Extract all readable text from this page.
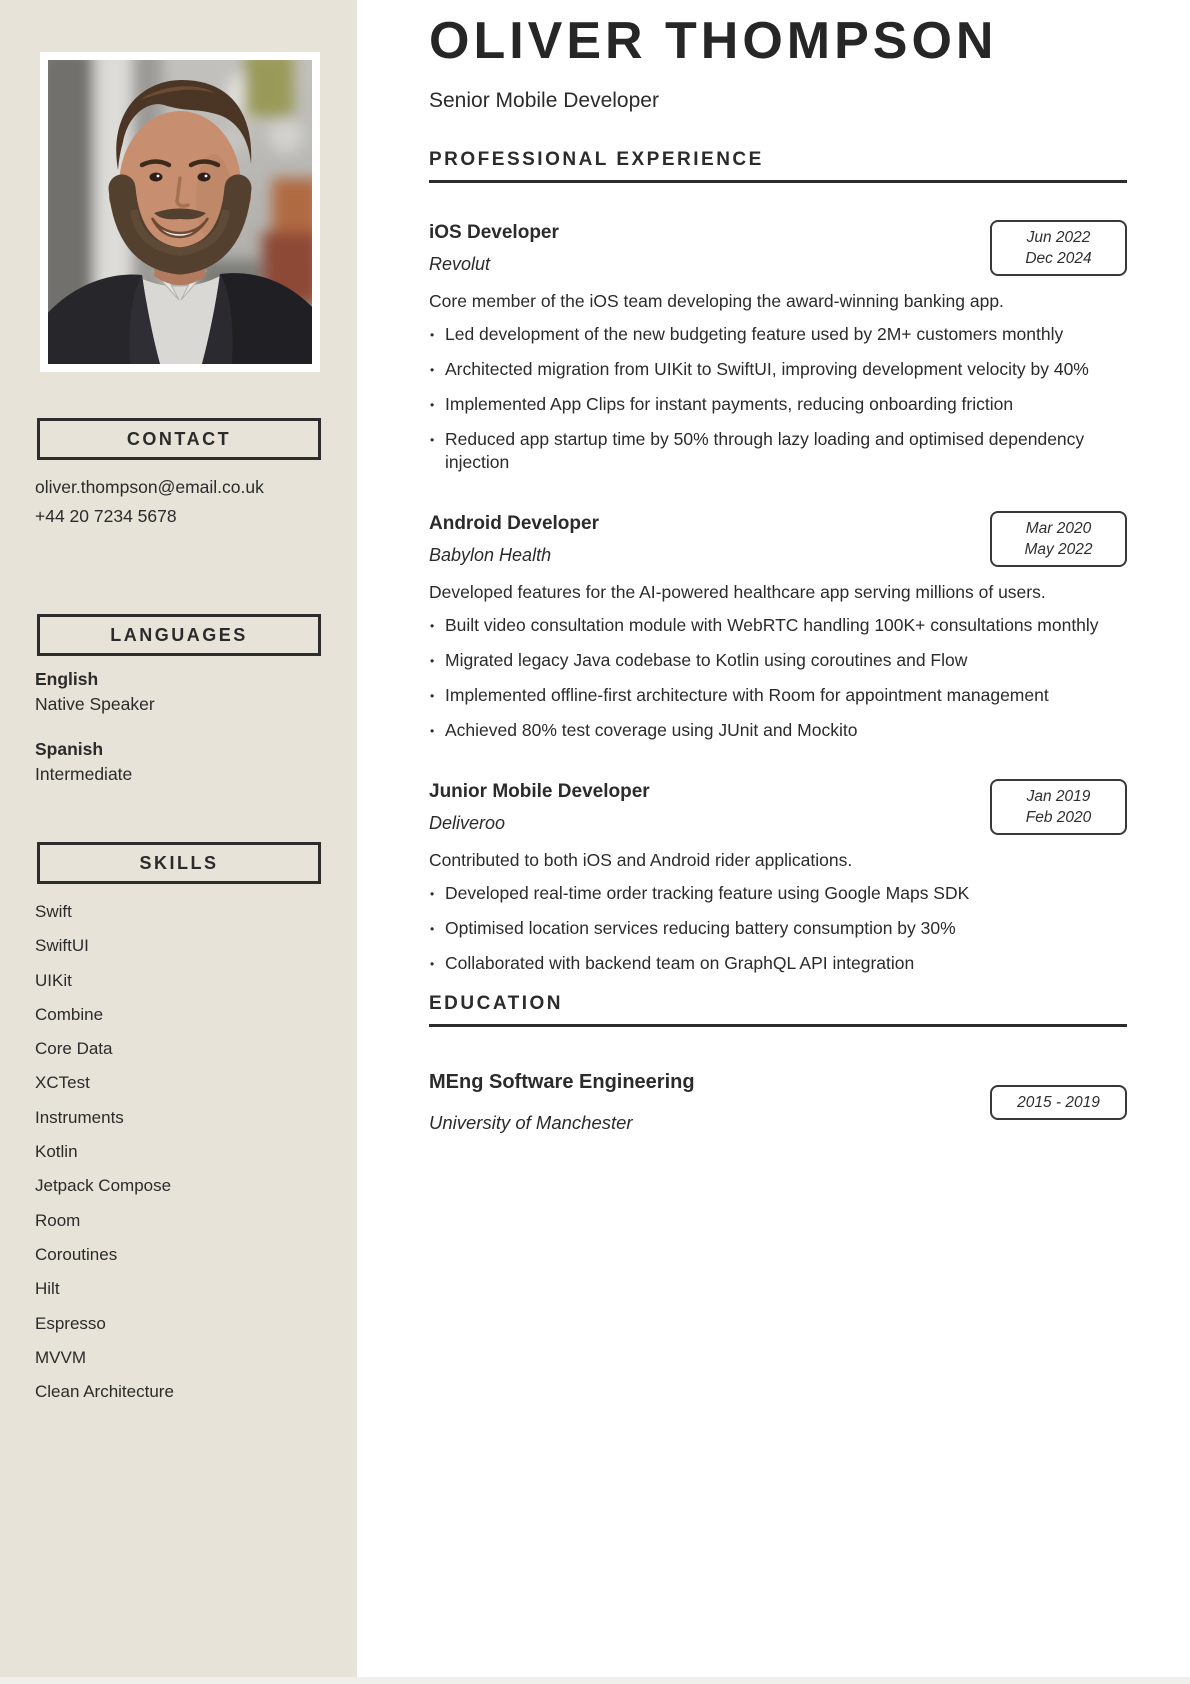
CONTACT
oliver.thompson@email.co.uk
+44 20 7234 5678
LANGUAGES
English
Native Speaker
Spanish
Intermediate
SKILLS
Swift
SwiftUI
UIKit
Combine
Core Data
XCTest
Instruments
Kotlin
Jetpack Compose
Room
Coroutines
Hilt
Espresso
MVVM
Clean Architecture
OLIVER THOMPSON
Senior Mobile Developer
PROFESSIONAL EXPERIENCE
iOS Developer
Revolut
Jun 2022
Dec 2024
Core member of the iOS team developing the award-winning banking app.
• Led development of the new budgeting feature used by 2M+ customers monthly
• Architected migration from UIKit to SwiftUI, improving development velocity by 40%
• Implemented App Clips for instant payments, reducing onboarding friction
• Reduced app startup time by 50% through lazy loading and optimised dependency injection
Android Developer
Babylon Health
Mar 2020
May 2022
Developed features for the AI-powered healthcare app serving millions of users.
• Built video consultation module with WebRTC handling 100K+ consultations monthly
• Migrated legacy Java codebase to Kotlin using coroutines and Flow
• Implemented offline-first architecture with Room for appointment management
• Achieved 80% test coverage using JUnit and Mockito
Junior Mobile Developer
Deliveroo
Jan 2019
Feb 2020
Contributed to both iOS and Android rider applications.
• Developed real-time order tracking feature using Google Maps SDK
• Optimised location services reducing battery consumption by 30%
• Collaborated with backend team on GraphQL API integration
EDUCATION
MEng Software Engineering
University of Manchester
2015 - 2019
